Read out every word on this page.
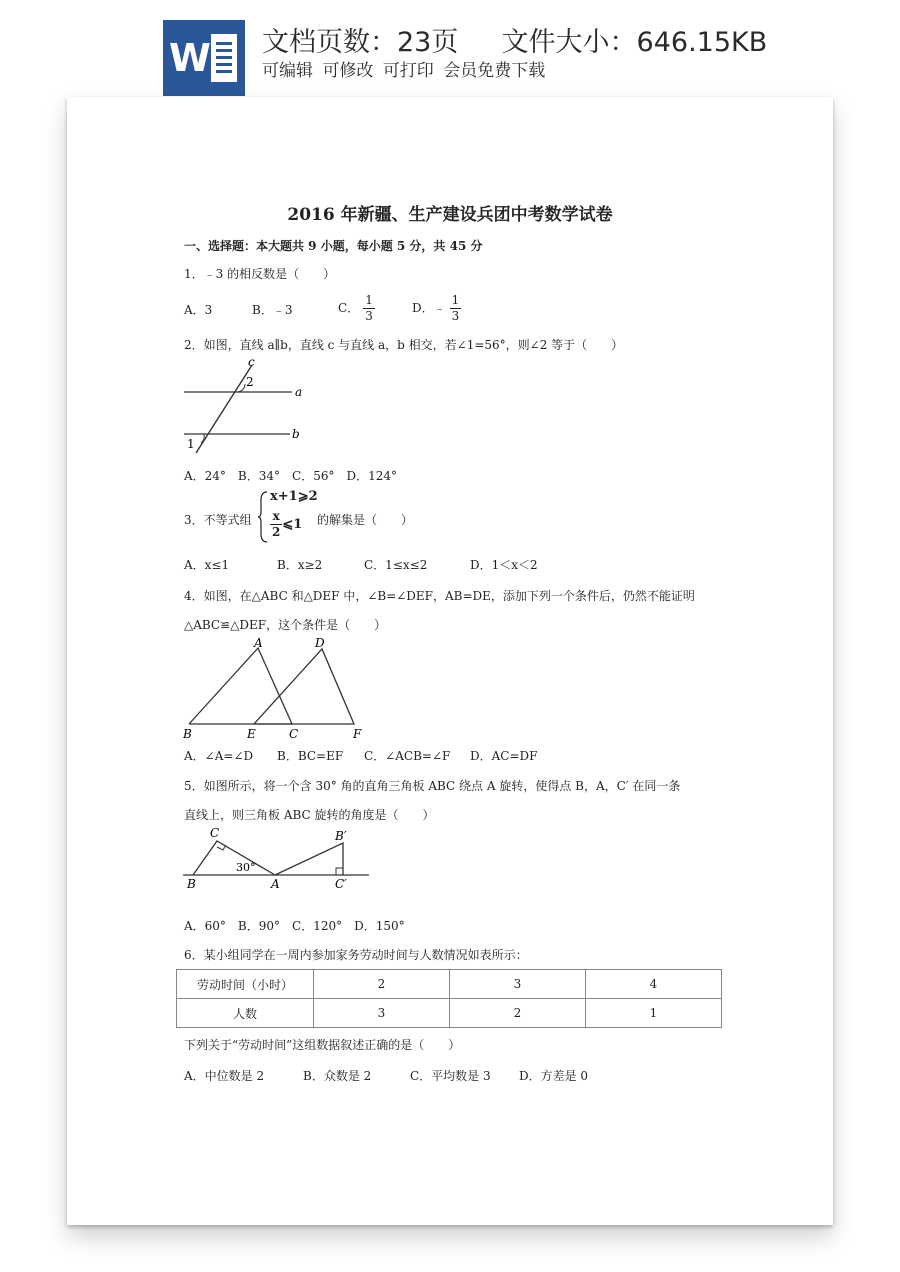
W 文档页数：23页 文件大小：646.15KB
可编辑 可修改 可打印 会员免费下载
2016 年新疆、生产建设兵团中考数学试卷
一、选择题：本大题共 9 小题，每小题 5 分，共 45 分
1．﹣3 的相反数是（　　）
A．3	B．﹣3	C． $\frac{1}{3}$	D．﹣ $\frac{1}{3}$
2．如图，直线 a∥b，直线 c 与直线 a，b 相交，若∠1=56°，则∠2 等于（　　）
c
a
b
2
1
A．24°　B．34°　C．56°　D．124°
3．不等式组
x+1⩾2
$\frac{x}{2}$ ⩽1 的解集是（　　）
A．x≤1	B．x≥2	C．1≤x≤2	D．1＜x＜2
4．如图，在△ABC 和△DEF 中，∠B=∠DEF，AB=DE，添加下列一个条件后，仍然不能证明
△ABC≌△DEF，这个条件是（　　）
A	D
B	E	C	F
A．∠A=∠D B．BC=EF C．∠ACB=∠F D．AC=DF
5．如图所示，将一个含 30° 角的直角三角板 ABC 绕点 A 旋转，使得点 B，A，C′ 在同一条
直线上，则三角板 ABC 旋转的角度是（　　）
C
B	A
B′
C′
30°
A．60°　B．90°　C．120°　D．150°
6．某小组同学在一周内参加家务劳动时间与人数情况如表所示：
劳动时间（小时）	2	3	4
人数	3	2	1
下列关于“劳动时间”这组数据叙述正确的是（　　）
A．中位数是 2	B．众数是 2	C．平均数是 3 D．方差是 0
